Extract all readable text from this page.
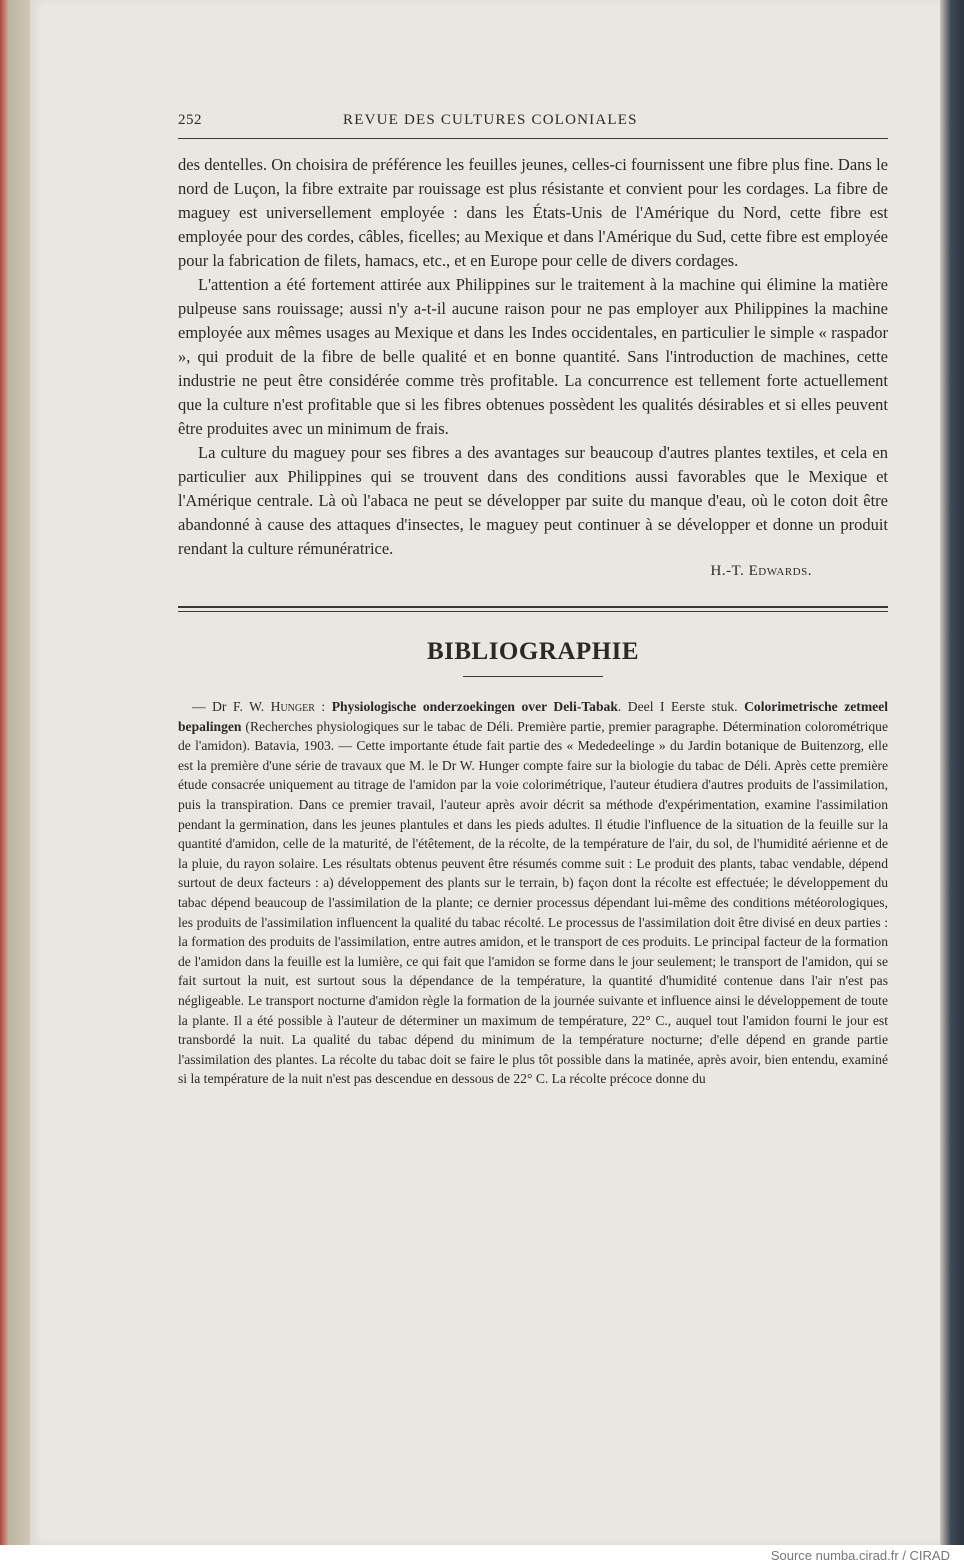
252	REVUE DES CULTURES COLONIALES

des dentelles. On choisira de préférence les feuilles jeunes, celles-ci fournissent une fibre plus fine. Dans le nord de Luçon, la fibre extraite par rouissage est plus résistante et convient pour les cordages. La fibre de maguey est universellement employée : dans les États-Unis de l'Amérique du Nord, cette fibre est employée pour des cordes, câbles, ficelles; au Mexique et dans l'Amérique du Sud, cette fibre est employée pour la fabrication de filets, hamacs, etc., et en Europe pour celle de divers cordages.

L'attention a été fortement attirée aux Philippines sur le traitement à la machine qui élimine la matière pulpeuse sans rouissage; aussi n'y a-t-il aucune raison pour ne pas employer aux Philippines la machine employée aux mêmes usages au Mexique et dans les Indes occidentales, en particulier le simple « raspador », qui produit de la fibre de belle qualité et en bonne quantité. Sans l'introduction de machines, cette industrie ne peut être considérée comme très profitable. La concurrence est tellement forte actuellement que la culture n'est profitable que si les fibres obtenues possèdent les qualités désirables et si elles peuvent être produites avec un minimum de frais.

La culture du maguey pour ses fibres a des avantages sur beaucoup d'autres plantes textiles, et cela en particulier aux Philippines qui se trouvent dans des conditions aussi favorables que le Mexique et l'Amérique centrale. Là où l'abaca ne peut se développer par suite du manque d'eau, où le coton doit être abandonné à cause des attaques d'insectes, le maguey peut continuer à se développer et donne un produit rendant la culture rémunératrice.

H.-T. Edwards.
BIBLIOGRAPHIE

— Dr F. W. Hunger : Physiologische onderzoekingen over Deli-Tabak. Deel I Eerste stuk. Colorimetrische zetmeel bepalingen (Recherches physiologiques sur le tabac de Déli. Première partie, premier paragraphe. Détermination colorométrique de l'amidon). Batavia, 1903. — Cette importante étude fait partie des « Mededeelinge » du Jardin botanique de Buitenzorg, elle est la première d'une série de travaux que M. le Dr W. Hunger compte faire sur la biologie du tabac de Déli. Après cette première étude consacrée uniquement au titrage de l'amidon par la voie colorimétrique, l'auteur étudiera d'autres produits de l'assimilation, puis la transpiration. Dans ce premier travail, l'auteur après avoir décrit sa méthode d'expérimentation, examine l'assimilation pendant la germination, dans les jeunes plantules et dans les pieds adultes. Il étudie l'influence de la situation de la feuille sur la quantité d'amidon, celle de la maturité, de l'étêtement, de la récolte, de la température de l'air, du sol, de l'humidité aérienne et de la pluie, du rayon solaire. Les résultats obtenus peuvent être résumés comme suit : Le produit des plants, tabac vendable, dépend surtout de deux facteurs : a) développement des plants sur le terrain, b) façon dont la récolte est effectuée; le développement du tabac dépend beaucoup de l'assimilation de la plante; ce dernier processus dépendant lui-même des conditions météorologiques, les produits de l'assimilation influencent la qualité du tabac récolté. Le processus de l'assimilation doit être divisé en deux parties : la formation des produits de l'assimilation, entre autres amidon, et le transport de ces produits. Le principal facteur de la formation de l'amidon dans la feuille est la lumière, ce qui fait que l'amidon se forme dans le jour seulement; le transport de l'amidon, qui se fait surtout la nuit, est surtout sous la dépendance de la température, la quantité d'humidité contenue dans l'air n'est pas négligeable. Le transport nocturne d'amidon règle la formation de la journée suivante et influence ainsi le développement de toute la plante. Il a été possible à l'auteur de déterminer un maximum de température, 22° C., auquel tout l'amidon fourni le jour est transbordé la nuit. La qualité du tabac dépend du minimum de la température nocturne; d'elle dépend en grande partie l'assimilation des plantes. La récolte du tabac doit se faire le plus tôt possible dans la matinée, après avoir, bien entendu, examiné si la température de la nuit n'est pas descendue en dessous de 22° C. La récolte précoce donne du

Source numba.cirad.fr / CIRAD
